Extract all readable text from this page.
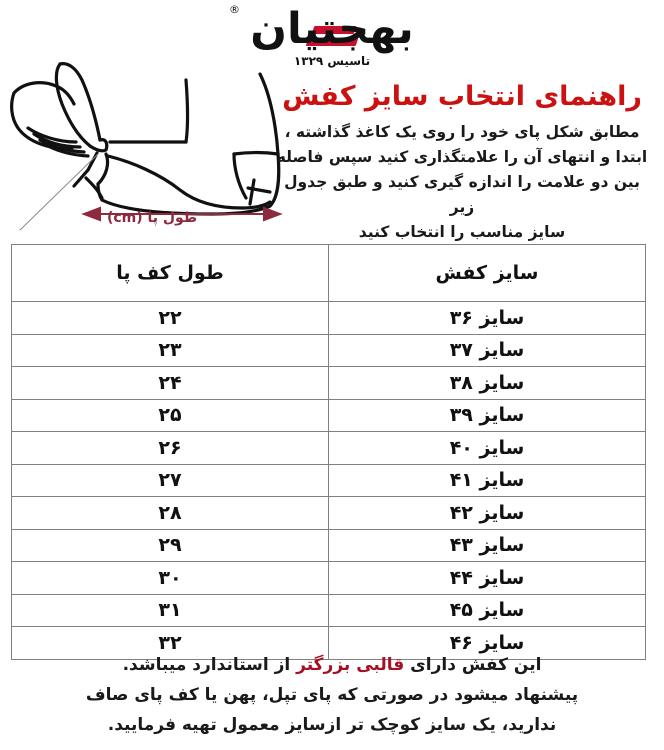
® بهجتیان
تاسیس ۱۳۲۹
طول پا (cm)
راهنمای انتخاب سایز کفش

مطابق شکل پای خود را روی یک کاغذ گذاشته ،
ابتدا و انتهای آن را علامتگذاری کنید سپس فاصله
بین دو علامت را اندازه گیری کنید و طبق جدول زیر
سایز مناسب را انتخاب کنید

سایز کفش	طول کف پا
سایز ۳۶	۲۲
سایز ۳۷	۲۳
سایز ۳۸	۲۴
سایز ۳۹	۲۵
سایز ۴۰	۲۶
سایز ۴۱	۲۷
سایز ۴۲	۲۸
سایز ۴۳	۲۹
سایز ۴۴	۳۰
سایز ۴۵	۳۱
سایز ۴۶	۳۲
این کفش دارای قالبی بزرگتر از استاندارد میباشد.
پیشنهاد میشود در صورتی که پای تپل، پهن یا کف پای صاف
ندارید، یک سایز کوچک تر ازسایز معمول تهیه فرمایید.
